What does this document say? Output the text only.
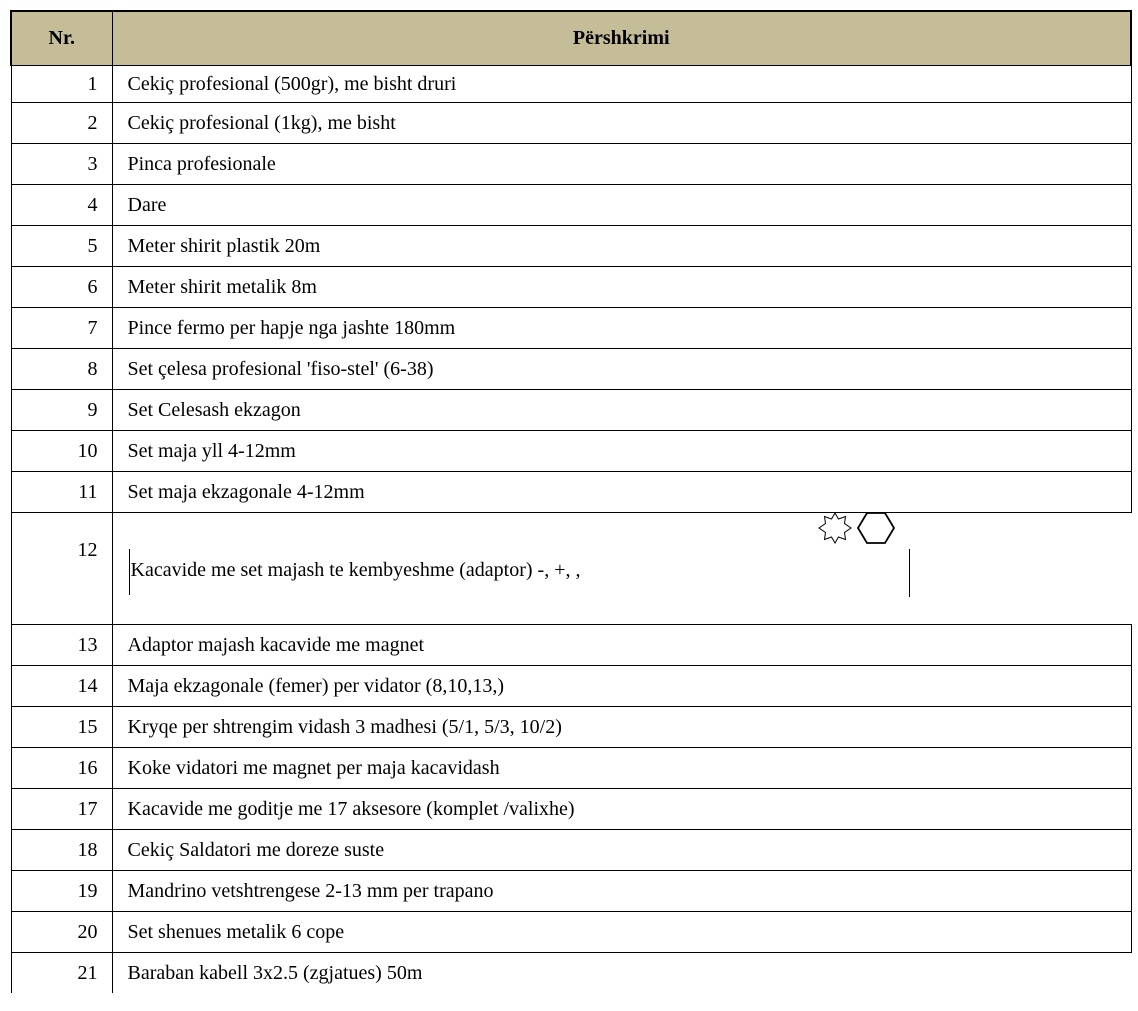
Nr.	Përshkrimi
1	Cekiç profesional (500gr), me bisht druri
2	Cekiç profesional (1kg), me bisht
3	Pinca profesionale
4	Dare
5	Meter shirit plastik 20m
6	Meter shirit metalik 8m
7	Pince fermo per hapje nga jashte 180mm
8	Set çelesa profesional 'fiso-stel' (6-38)
9	Set Celesash ekzagon
10	Set maja yll 4-12mm
11	Set maja ekzagonale 4-12mm
12	Kacavide me set majash te kembyeshme (adaptor) -, +, ,

13	Adaptor majash kacavide me magnet
14	Maja ekzagonale (femer) per vidator (8,10,13,)
15	Kryqe per shtrengim vidash 3 madhesi (5/1, 5/3, 10/2)
16	Koke vidatori me magnet per maja kacavidash
17	Kacavide me goditje me 17 aksesore (komplet /valixhe)
18	Cekiç Saldatori me doreze suste
19	Mandrino vetshtrengese 2-13 mm per trapano
20	Set shenues metalik 6 cope
21	Baraban kabell 3x2.5 (zgjatues) 50m
